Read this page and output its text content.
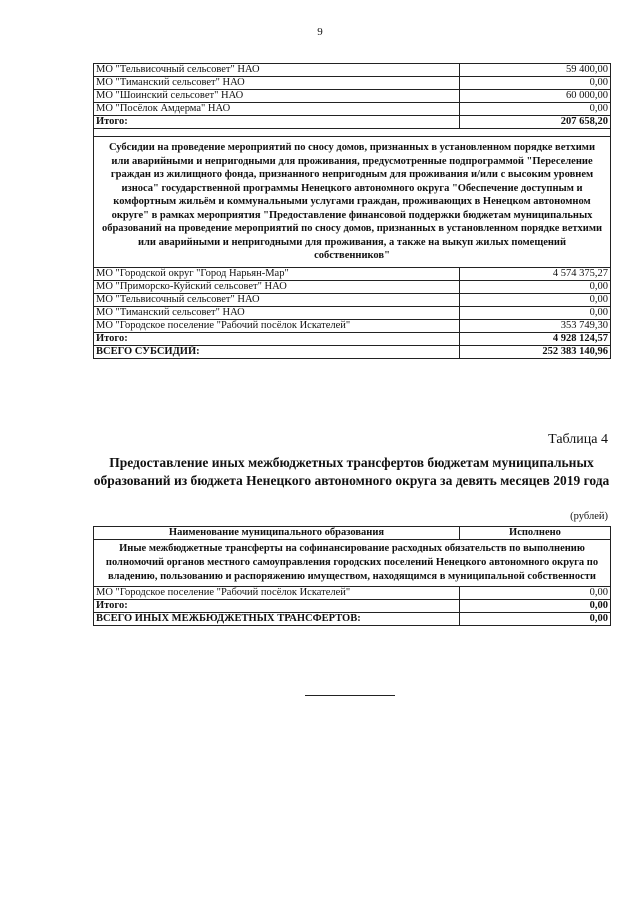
9
МО "Тельвисочный сельсовет" НАО	59 400,00
МО "Тиманский сельсовет" НАО	0,00
МО "Шоинский сельсовет" НАО	60 000,00
МО "Посёлок Амдерма" НАО	0,00
Итого:	207 658,20

Субсидии на проведение мероприятий по сносу домов, признанных в установленном порядке ветхими или аварийными и непригодными для проживания, предусмотренные подпрограммой "Переселение граждан из жилищного фонда, признанного непригодным для проживания и/или с высоким уровнем износа" государственной программы Ненецкого автономного округа "Обеспечение доступным и комфортным жильём и коммунальными услугами граждан, проживающих в Ненецком автономном округе" в рамках мероприятия "Предоставление финансовой поддержки бюджетам муниципальных образований на проведение мероприятий по сносу домов, признанных в установленном порядке ветхими или аварийными и непригодными для проживания, а также на выкуп жилых помещений собственников"	
МО "Городской округ "Город Нарьян-Мар"	4 574 375,27
МО "Приморско-Куйский сельсовет" НАО	0,00
МО "Тельвисочный сельсовет" НАО	0,00
МО "Тиманский сельсовет" НАО	0,00
МО "Городское поселение "Рабочий посёлок Искателей"	353 749,30
Итого:	4 928 124,57
ВСЕГО СУБСИДИЙ:	252 383 140,96
Таблица 4
Предоставление иных межбюджетных трансфертов бюджетам муниципальных образований из бюджета Ненецкого автономного округа за девять месяцев 2019 года
(рублей)
Наименование муниципального образования	Исполнено
Иные межбюджетные трансферты на софинансирование расходных обязательств по выполнению полномочий органов местного самоуправления городских поселений Ненецкого автономного округа по владению, пользованию и распоряжению имуществом, находящимся в муниципальной собственности	
МО "Городское поселение "Рабочий посёлок Искателей"	0,00
Итого:	0,00
ВСЕГО ИНЫХ МЕЖБЮДЖЕТНЫХ ТРАНСФЕРТОВ:	0,00
